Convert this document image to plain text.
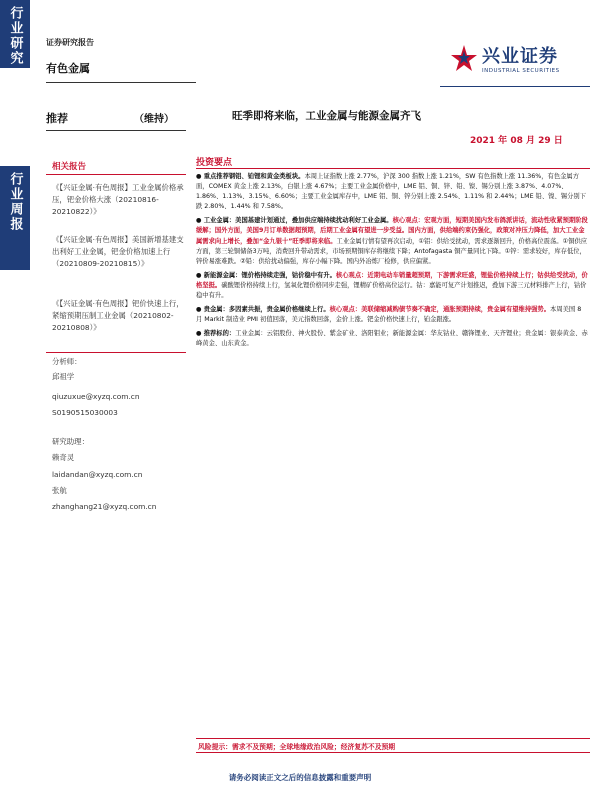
行业研究
行业周报
证券研究报告
有色金属
兴业证券
INDUSTRIAL SECURITIES
推荐	（维持）	旺季即将来临，工业金属与能源金属齐飞
2021 年 08 月 29 日
相关报告
《【兴证金属·有色周报】工业金属价格承压，钯金价格大涨（20210816-20210822）》
《【兴证金属·有色周报】美国新增基建支出利好工业金属，钯金价格加速上行（20210809-20210815）》
《【兴证金属·有色周报】钯价快速上行，紧缩预期压制工业金属（20210802-20210808）》
分析师：
邱祖学
qiuzuxue@xyzq.com.cn
S0190515030003
研究助理：
赖奇灵
laidandan@xyzq.com.cn
张航
zhanghang21@xyzq.com.cn
投资要点
● 重点推荐钢铝、铂锂和黄金类板块。本周上证指数上涨 2.77%，沪深 300 指数上涨 1.21%，SW 有色指数上涨 11.36%，有色金属方面，COMEX 黄金上涨 2.13%，白银上涨 4.67%；主要工业金属价格中，LME 铝、铜、锌、铅、镍、锡分别上涨 3.87%、4.07%、1.86%、1.13%、3.15%、6.60%；主要工业金属库存中，LME 铝、铜、锌分别上涨 2.54%、1.11% 和 2.44%；LME 铅、镍、锡分别下跌 2.80%、1.44% 和 7.58%。
● 工业金属：美国基建计划通过，叠加供应端持续扰动利好工业金属。核心观点：宏观方面，短期美国内发布鸽派讲话，流动性收紧预期阶段缓解；国外方面，美国9月订单数据超预期，后期工业金属有望进一步受益。国内方面，供给端约束仍强化，政策对冲压力降低，加大工业金属需求向上增长，叠加“金九银十”旺季即将来临。工业金属行情有望再次启动，①铝：供给受扰动，需求逐渐回升，价格高位震荡。①铜供应方面，第三轮铜储备3万吨，消费回升带动需求，市场预期铜库存将继续下降；Antofagasta 铜产量同比下降。①锌：需求较好，库存低位，锌价易涨难跌。②铅：供给扰动偏强，库存小幅下降。国内外冶炼厂检修，供应偏紧。
● 新能源金属：锂价格持续走强，钴价稳中有升。核心观点：近期电动车销量超预期，下游需求旺盛，锂盐价格持续上行；钴供给受扰动，价格坚挺。碳酸锂价格持续上行，氢氧化锂价格同步走强，锂精矿价格高位运行。钴：嘉能可复产计划推迟，叠加下游三元材料排产上行，钴价稳中有升。
● 贵金属：多因素共振，贵金属价格继续上行。核心观点：美联储缩减购债节奏不确定，通胀预期持续，贵金属有望维持强势。本周美国 8 月 Markit 制造业 PMI 初值回落，美元指数回落，金价上涨。钯金价格快速上行，铂金跟涨。
● 推荐标的：工业金属：云铝股份、神火股份、紫金矿业、洛阳钼业；新能源金属：华友钴业、赣锋锂业、天齐锂业；贵金属：银泰黄金、赤峰黄金、山东黄金。
风险提示：需求不及预期；全球地缘政治风险；经济复苏不及预期
请务必阅读正文之后的信息披露和重要声明
